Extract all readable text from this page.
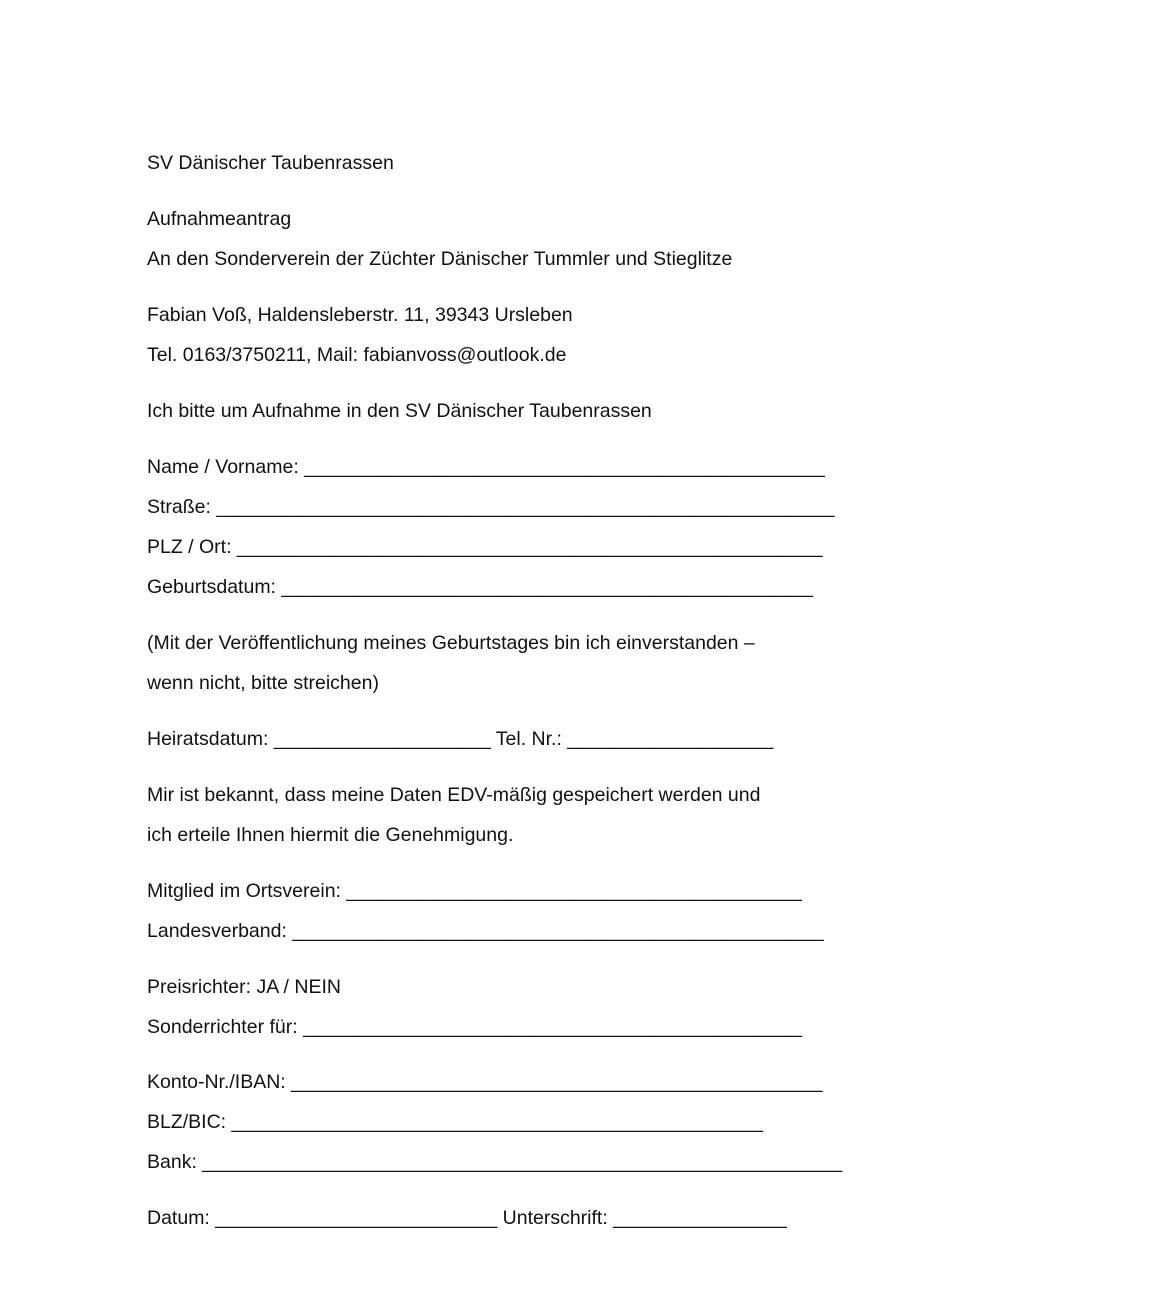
SV Dänischer Taubenrassen
Aufnahmeantrag
An den Sonderverein der Züchter Dänischer Tummler und Stieglitze
Fabian Voß, Haldensleberstr. 11, 39343 Ursleben
Tel. 0163/3750211, Mail: fabianvoss@outlook.de
Ich bitte um Aufnahme in den SV Dänischer Taubenrassen
Name / Vorname: ________________________________________________
Straße: _________________________________________________________
PLZ / Ort: ______________________________________________________
Geburtsdatum: _________________________________________________
(Mit der Veröffentlichung meines Geburtstages bin ich einverstanden –
wenn nicht, bitte streichen)
Heiratsdatum: ____________________ Tel. Nr.: ___________________
Mir ist bekannt, dass meine Daten EDV-mäßig gespeichert werden und
ich erteile Ihnen hiermit die Genehmigung.
Mitglied im Ortsverein: __________________________________________
Landesverband: _________________________________________________
Preisrichter: JA / NEIN
Sonderrichter für: ______________________________________________
Konto-Nr./IBAN: _________________________________________________
BLZ/BIC: _________________________________________________
Bank: ___________________________________________________________
Datum: __________________________ Unterschrift: ________________
